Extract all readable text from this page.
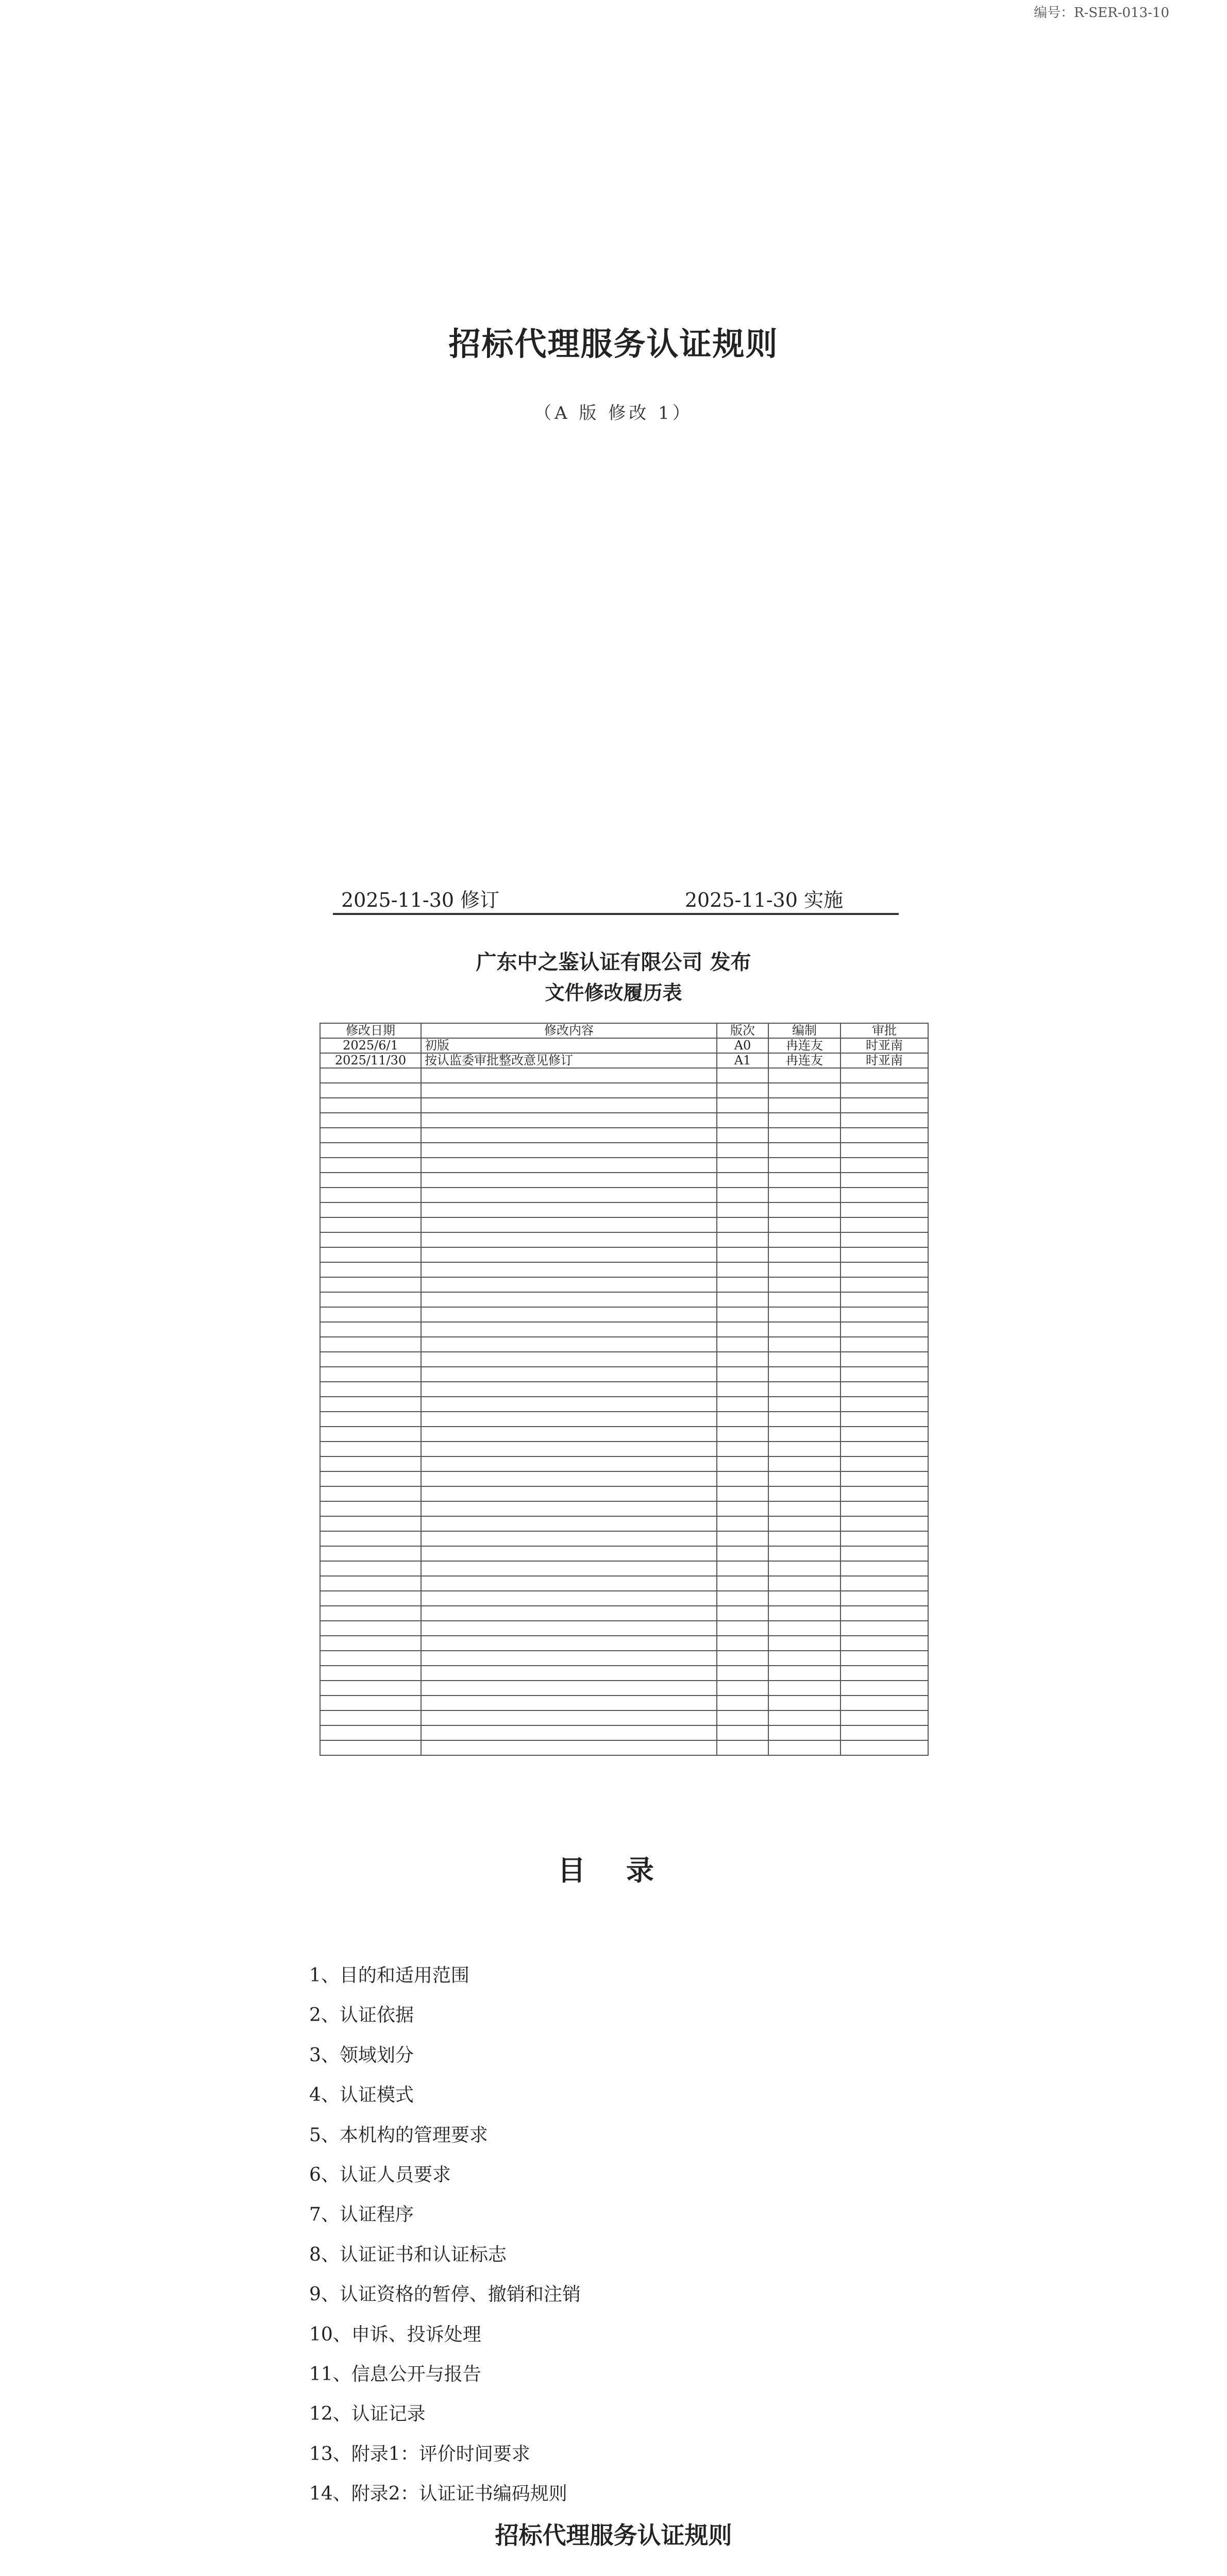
编号：R-SER-013-10
招标代理服务认证规则
（A 版 修改 1）
2025-11-30 修订	2025-11-30 实施
广东中之鉴认证有限公司 发布
文件修改履历表
修改日期	修改内容	版次	编制	审批
2025/6/1	初版	A0	冉连友	时亚南
2025/11/30	按认监委审批整改意见修订	A1	冉连友	时亚南

目 录
1、目的和适用范围
2、认证依据
3、领域划分
4、认证模式
5、本机构的管理要求
6、认证人员要求
7、认证程序
8、认证证书和认证标志
9、认证资格的暂停、撤销和注销
10、申诉、投诉处理
11、信息公开与报告
12、认证记录
13、附录1：评价时间要求
14、附录2：认证证书编码规则
招标代理服务认证规则
